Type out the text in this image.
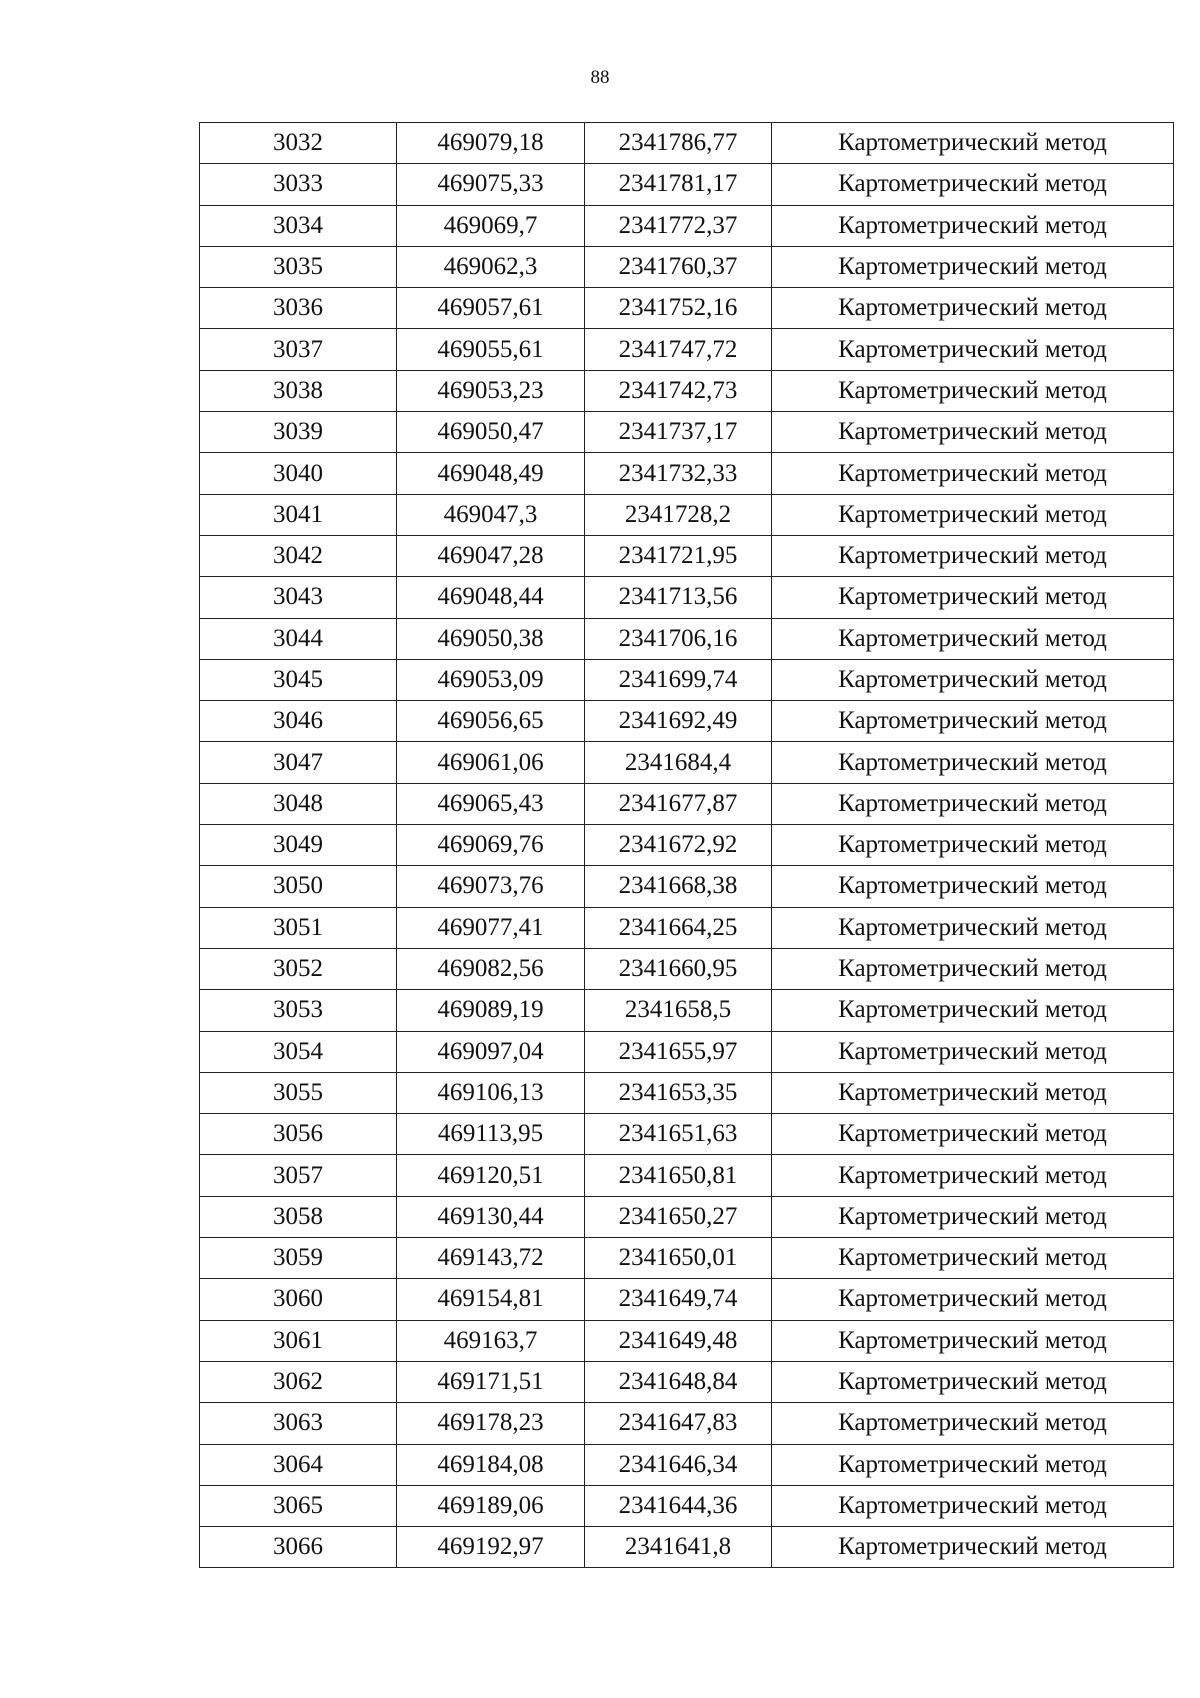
88
3032	469079,18	2341786,77	Картометрический метод
3033	469075,33	2341781,17	Картометрический метод
3034	469069,7	2341772,37	Картометрический метод
3035	469062,3	2341760,37	Картометрический метод
3036	469057,61	2341752,16	Картометрический метод
3037	469055,61	2341747,72	Картометрический метод
3038	469053,23	2341742,73	Картометрический метод
3039	469050,47	2341737,17	Картометрический метод
3040	469048,49	2341732,33	Картометрический метод
3041	469047,3	2341728,2	Картометрический метод
3042	469047,28	2341721,95	Картометрический метод
3043	469048,44	2341713,56	Картометрический метод
3044	469050,38	2341706,16	Картометрический метод
3045	469053,09	2341699,74	Картометрический метод
3046	469056,65	2341692,49	Картометрический метод
3047	469061,06	2341684,4	Картометрический метод
3048	469065,43	2341677,87	Картометрический метод
3049	469069,76	2341672,92	Картометрический метод
3050	469073,76	2341668,38	Картометрический метод
3051	469077,41	2341664,25	Картометрический метод
3052	469082,56	2341660,95	Картометрический метод
3053	469089,19	2341658,5	Картометрический метод
3054	469097,04	2341655,97	Картометрический метод
3055	469106,13	2341653,35	Картометрический метод
3056	469113,95	2341651,63	Картометрический метод
3057	469120,51	2341650,81	Картометрический метод
3058	469130,44	2341650,27	Картометрический метод
3059	469143,72	2341650,01	Картометрический метод
3060	469154,81	2341649,74	Картометрический метод
3061	469163,7	2341649,48	Картометрический метод
3062	469171,51	2341648,84	Картометрический метод
3063	469178,23	2341647,83	Картометрический метод
3064	469184,08	2341646,34	Картометрический метод
3065	469189,06	2341644,36	Картометрический метод
3066	469192,97	2341641,8	Картометрический метод
